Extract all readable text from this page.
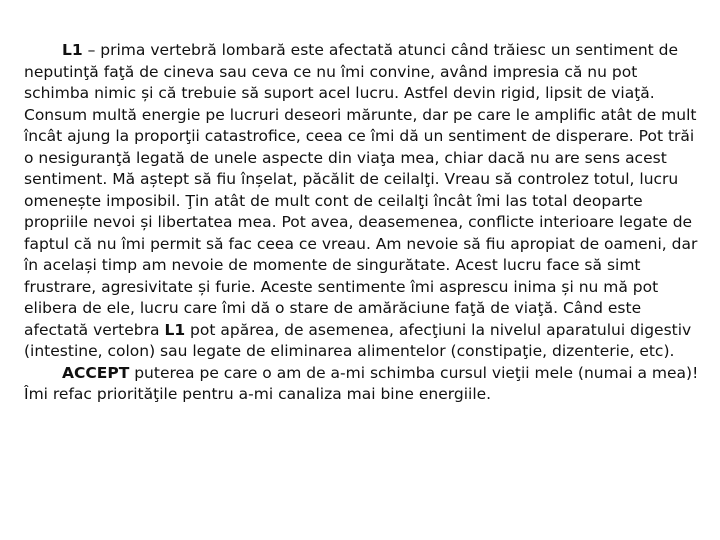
L1 – prima vertebră lombară este afectată atunci când trăiesc un sentiment de neputinţă faţă de cineva sau ceva ce nu îmi convine, având impresia că nu pot schimba nimic și că trebuie să suport acel lucru. Astfel devin rigid, lipsit de viaţă. Consum multă energie pe lucruri deseori mărunte, dar pe care le amplific atât de mult încât ajung la proporţii catastrofice, ceea ce îmi dă un sentiment de disperare. Pot trăi o nesiguranţă legată de unele aspecte din viaţa mea, chiar dacă nu are sens acest sentiment. Mă aștept să fiu înșelat, păcălit de ceilalţi. Vreau să controlez totul, lucru omenește imposibil. Ţin atât de mult cont de ceilalţi încât îmi las total deoparte propriile nevoi și libertatea mea. Pot avea, deasemenea, conflicte interioare legate de faptul că nu îmi permit să fac ceea ce vreau. Am nevoie să fiu apropiat de oameni, dar în același timp am nevoie de momente de singurătate. Acest lucru face să simt frustrare, agresivitate și furie. Aceste sentimente îmi asprescu inima și nu mă pot elibera de ele, lucru care îmi dă o stare de amărăciune faţă de viaţă. Când este afectată vertebra L1 pot apărea, de asemenea, afecţiuni la nivelul aparatului digestiv (intestine, colon) sau legate de eliminarea alimentelor (constipaţie, dizenterie, etc).

ACCEPT puterea pe care o am de a-mi schimba cursul vieţii mele (numai a mea)! Îmi refac priorităţile pentru a-mi canaliza mai bine energiile.
